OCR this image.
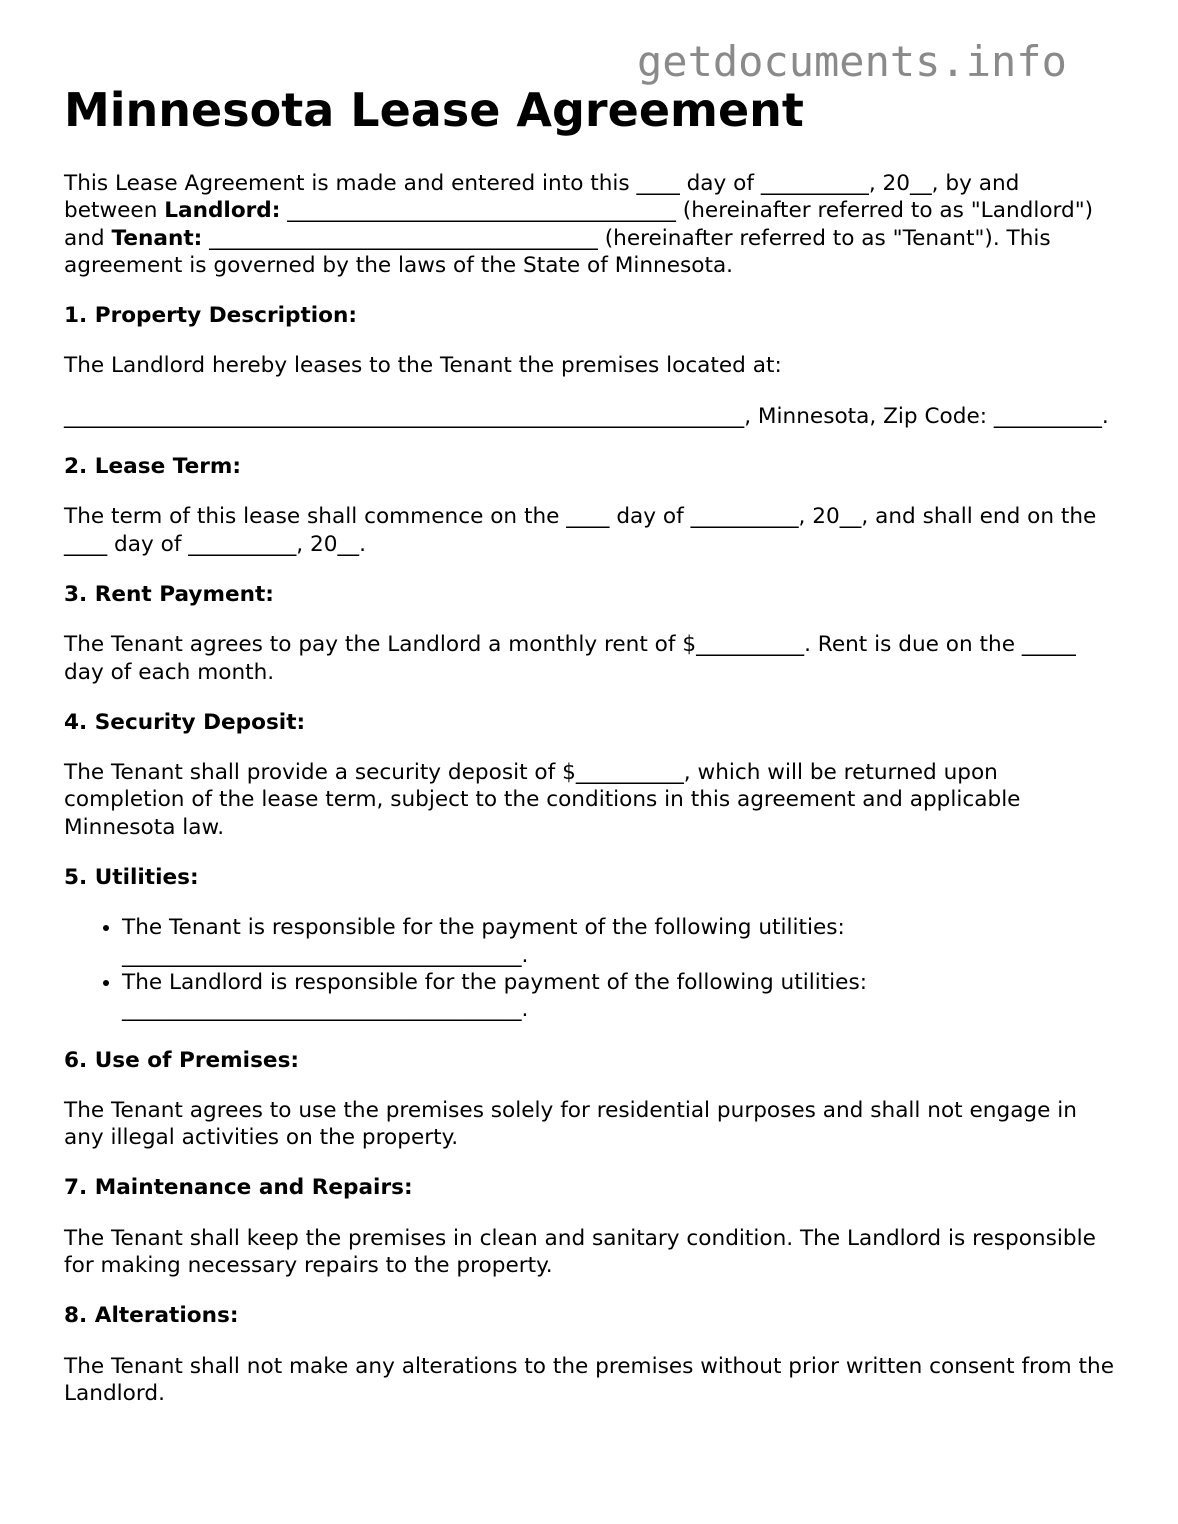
getdocuments.info
Minnesota Lease Agreement

This Lease Agreement is made and entered into this ____ day of __________, 20__, by and between Landlord: ____________________________________ (hereinafter referred to as "Landlord") and Tenant: ____________________________________ (hereinafter referred to as "Tenant"). This agreement is governed by the laws of the State of Minnesota.

1. Property Description:

The Landlord hereby leases to the Tenant the premises located at:

_______________________________________________________________, Minnesota, Zip Code: __________.

2. Lease Term:

The term of this lease shall commence on the ____ day of __________, 20__, and shall end on the ____ day of __________, 20__.

3. Rent Payment:

The Tenant agrees to pay the Landlord a monthly rent of $__________. Rent is due on the _____ day of each month.

4. Security Deposit:

The Tenant shall provide a security deposit of $__________, which will be returned upon completion of the lease term, subject to the conditions in this agreement and applicable Minnesota law.

5. Utilities:

• The Tenant is responsible for the payment of the following utilities: _____________________________________.
• The Landlord is responsible for the payment of the following utilities: _____________________________________.

6. Use of Premises:

The Tenant agrees to use the premises solely for residential purposes and shall not engage in any illegal activities on the property.

7. Maintenance and Repairs:

The Tenant shall keep the premises in clean and sanitary condition. The Landlord is responsible for making necessary repairs to the property.

8. Alterations:

The Tenant shall not make any alterations to the premises without prior written consent from the Landlord.
